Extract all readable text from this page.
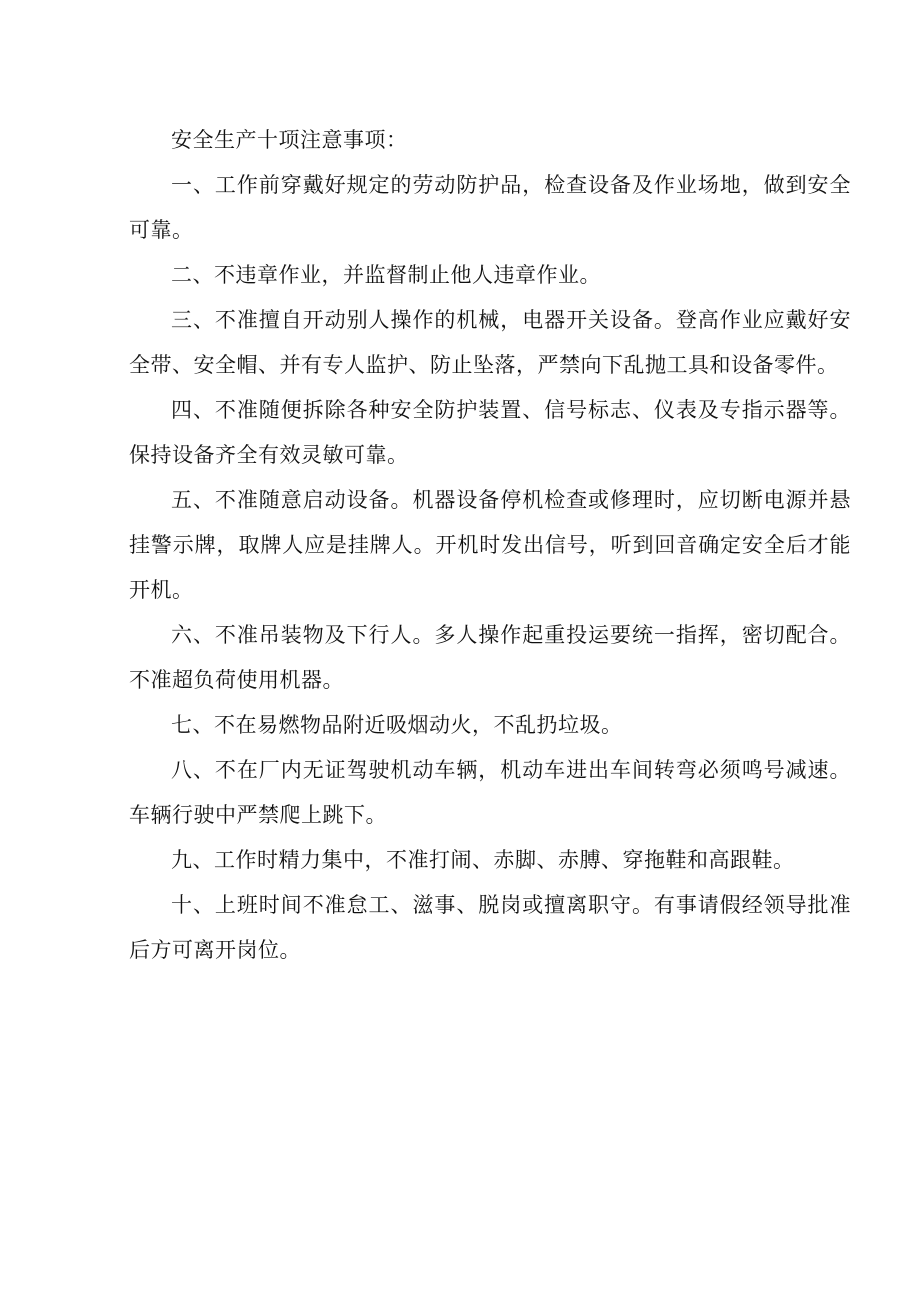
安全生产十项注意事项：

一、工作前穿戴好规定的劳动防护品，检查设备及作业场地，做到安全可靠。

二、不违章作业，并监督制止他人违章作业。

三、不准擅自开动别人操作的机械，电器开关设备。登高作业应戴好安全带、安全帽、并有专人监护、防止坠落，严禁向下乱抛工具和设备零件。

四、不准随便拆除各种安全防护装置、信号标志、仪表及专指示器等。保持设备齐全有效灵敏可靠。

五、不准随意启动设备。机器设备停机检查或修理时，应切断电源并悬挂警示牌，取牌人应是挂牌人。开机时发出信号，听到回音确定安全后才能开机。

六、不准吊装物及下行人。多人操作起重投运要统一指挥，密切配合。不准超负荷使用机器。

七、不在易燃物品附近吸烟动火，不乱扔垃圾。

八、不在厂内无证驾驶机动车辆，机动车进出车间转弯必须鸣号减速。车辆行驶中严禁爬上跳下。

九、工作时精力集中，不准打闹、赤脚、赤膊、穿拖鞋和高跟鞋。

十、上班时间不准怠工、滋事、脱岗或擅离职守。有事请假经领导批准后方可离开岗位。
